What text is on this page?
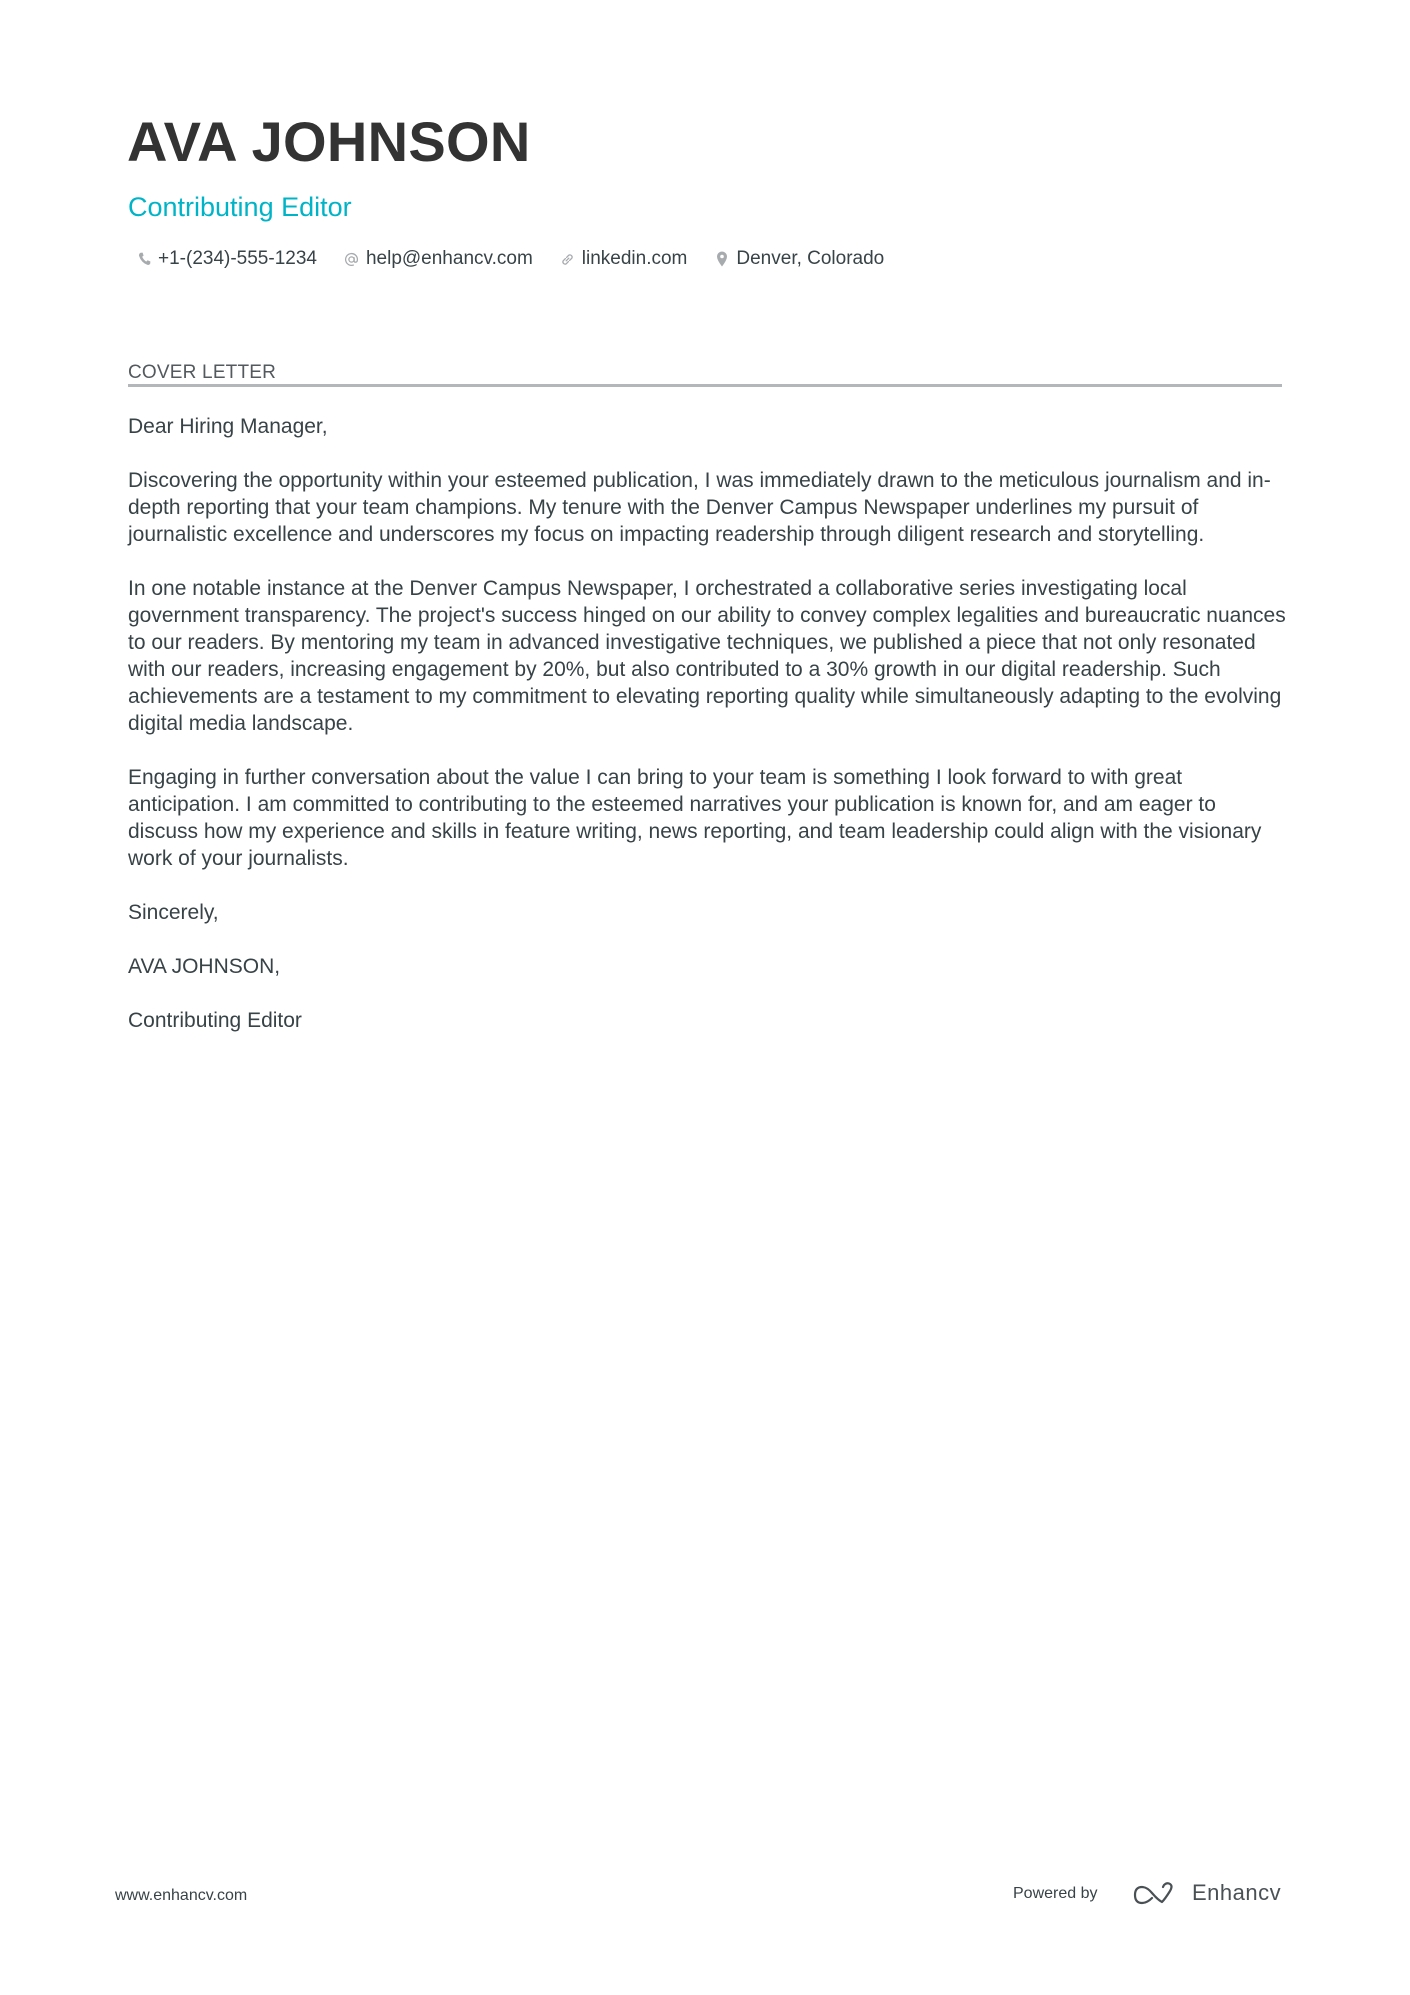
AVA JOHNSON
Contributing Editor
+1-(234)-555-1234	help@enhancv.com	linkedin.com	Denver, Colorado
COVER LETTER

Dear Hiring Manager,

Discovering the opportunity within your esteemed publication, I was immediately drawn to the meticulous journalism and in-depth reporting that your team champions. My tenure with the Denver Campus Newspaper underlines my pursuit of journalistic excellence and underscores my focus on impacting readership through diligent research and storytelling.

In one notable instance at the Denver Campus Newspaper, I orchestrated a collaborative series investigating local government transparency. The project's success hinged on our ability to convey complex legalities and bureaucratic nuances to our readers. By mentoring my team in advanced investigative techniques, we published a piece that not only resonated with our readers, increasing engagement by 20%, but also contributed to a 30% growth in our digital readership. Such achievements are a testament to my commitment to elevating reporting quality while simultaneously adapting to the evolving digital media landscape.

Engaging in further conversation about the value I can bring to your team is something I look forward to with great anticipation. I am committed to contributing to the esteemed narratives your publication is known for, and am eager to discuss how my experience and skills in feature writing, news reporting, and team leadership could align with the visionary work of your journalists.

Sincerely,

AVA JOHNSON,

Contributing Editor

www.enhancv.com	Powered by	Enhancv
